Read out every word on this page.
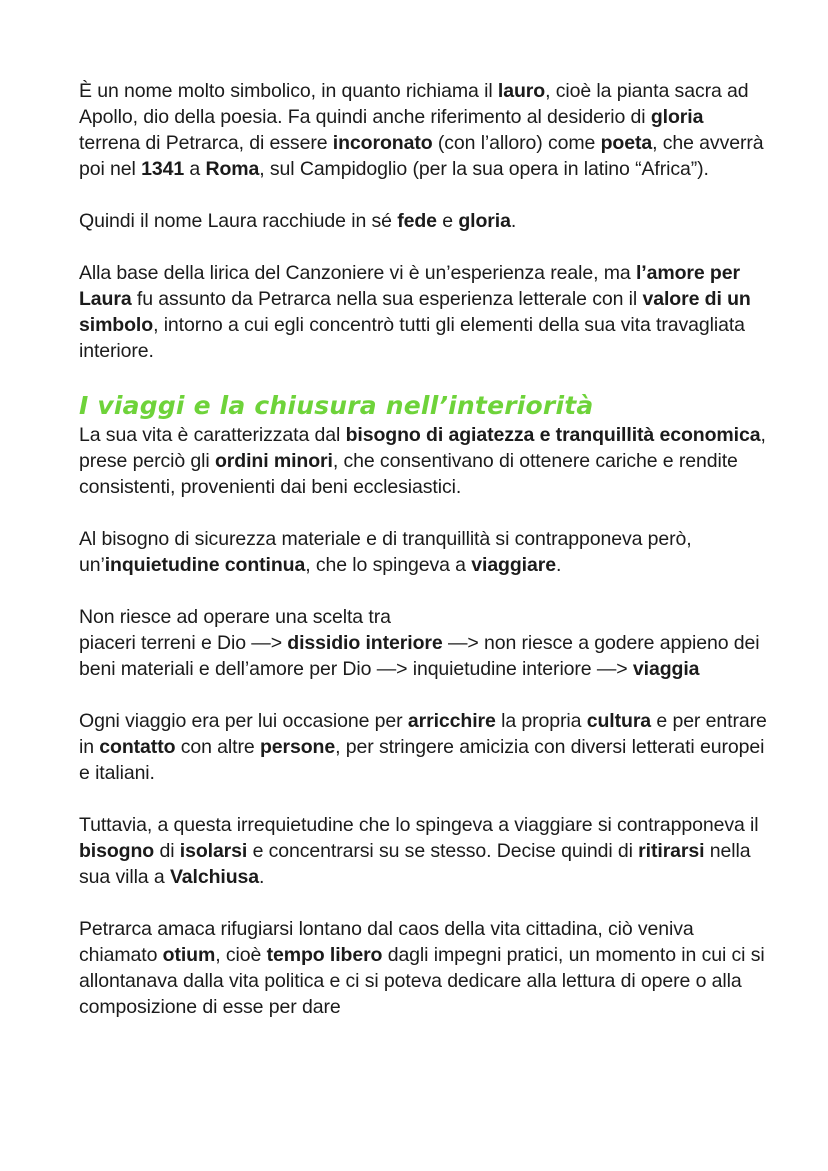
È un nome molto simbolico, in quanto richiama il lauro, cioè la pianta sacra ad Apollo, dio della poesia. Fa quindi anche riferimento al desiderio di gloria terrena di Petrarca, di essere incoronato (con l’alloro) come poeta, che avverrà poi nel 1341 a Roma, sul Campidoglio (per la sua opera in latino “Africa”).

Quindi il nome Laura racchiude in sé fede e gloria.

Alla base della lirica del Canzoniere vi è un’esperienza reale, ma l’amore per Laura fu assunto da Petrarca nella sua esperienza letterale con il valore di un simbolo, intorno a cui egli concentrò tutti gli elementi della sua vita travagliata interiore.

I viaggi e la chiusura nell’interiorità

La sua vita è caratterizzata dal bisogno di agiatezza e tranquillità economica, prese perciò gli ordini minori, che consentivano di ottenere cariche e rendite consistenti, provenienti dai beni ecclesiastici.

Al bisogno di sicurezza materiale e di tranquillità si contrapponeva però, un’inquietudine continua, che lo spingeva a viaggiare.

Non riesce ad operare una scelta tra
piaceri terreni e Dio —> dissidio interiore —> non riesce a godere appieno dei beni materiali e dell’amore per Dio —> inquietudine interiore —> viaggia

Ogni viaggio era per lui occasione per arricchire la propria cultura e per entrare in contatto con altre persone, per stringere amicizia con diversi letterati europei e italiani.

Tuttavia, a questa irrequietudine che lo spingeva a viaggiare si contrapponeva il bisogno di isolarsi e concentrarsi su se stesso. Decise quindi di ritirarsi nella sua villa a Valchiusa.

Petrarca amaca rifugiarsi lontano dal caos della vita cittadina, ciò veniva chiamato otium, cioè tempo libero dagli impegni pratici, un momento in cui ci si allontanava dalla vita politica e ci si poteva dedicare alla lettura di opere o alla composizione di esse per dare
